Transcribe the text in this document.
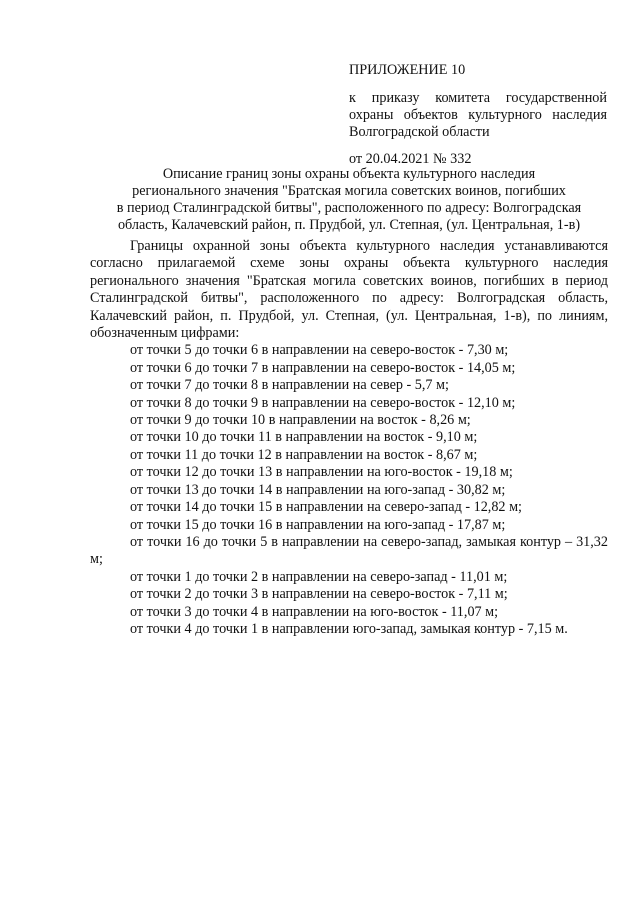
ПРИЛОЖЕНИЕ 10

к приказу комитета государственной охраны объектов культурного наследия Волгоградской области

от 20.04.2021 № 332

Описание границ зоны охраны объекта культурного наследия
регионального значения "Братская могила советских воинов, погибших
в период Сталинградской битвы", расположенного по адресу: Волгоградская
область, Калачевский район, п. Прудбой, ул. Степная, (ул. Центральная, 1-в)

Границы охранной зоны объекта культурного наследия устанавливаются согласно прилагаемой схеме зоны охраны объекта культурного наследия регионального значения "Братская могила советских воинов, погибших в период Сталинградской битвы", расположенного по адресу: Волгоградская область, Калачевский район, п. Прудбой, ул. Степная, (ул. Центральная, 1-в), по линиям, обозначенным цифрами:

от точки 5 до точки 6 в направлении на северо-восток - 7,30 м;
от точки 6 до точки 7 в направлении на северо-восток - 14,05 м;
от точки 7 до точки 8 в направлении на север - 5,7 м;
от точки 8 до точки 9 в направлении на северо-восток - 12,10 м;
от точки 9 до точки 10 в направлении на восток - 8,26 м;
от точки 10 до точки 11 в направлении на восток - 9,10 м;
от точки 11 до точки 12 в направлении на восток - 8,67 м;
от точки 12 до точки 13 в направлении на юго-восток - 19,18 м;
от точки 13 до точки 14 в направлении на юго-запад - 30,82 м;
от точки 14 до точки 15 в направлении на северо-запад - 12,82 м;
от точки 15 до точки 16 в направлении на юго-запад - 17,87 м;
от точки 16 до точки 5 в направлении на северо-запад, замыкая контур – 31,32 м;
от точки 1 до точки 2 в направлении на северо-запад - 11,01 м;
от точки 2 до точки 3 в направлении на северо-восток - 7,11 м;
от точки 3 до точки 4 в направлении на юго-восток - 11,07 м;
от точки 4 до точки 1 в направлении юго-запад, замыкая контур - 7,15 м.
